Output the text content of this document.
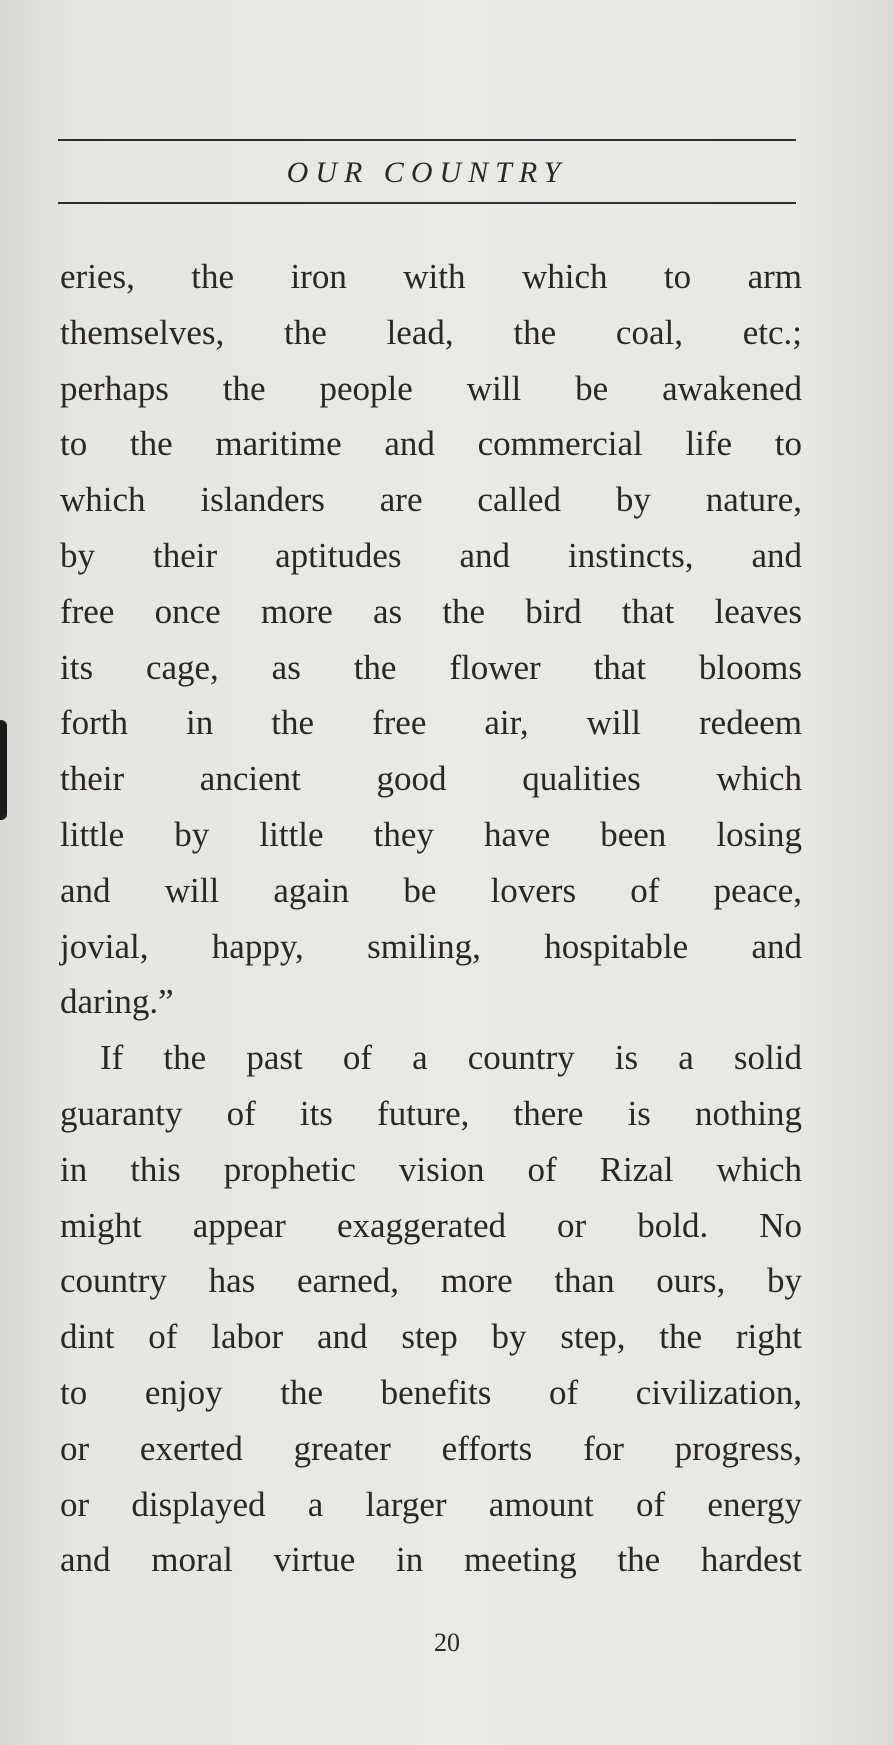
OUR COUNTRY
eries, the iron with which to arm
themselves, the lead, the coal, etc.;
perhaps the people will be awakened
to the maritime and commercial life to
which islanders are called by nature,
by their aptitudes and instincts, and
free once more as the bird that leaves
its cage, as the flower that blooms
forth in the free air, will redeem
their ancient good qualities which
little by little they have been losing
and will again be lovers of peace,
jovial, happy, smiling, hospitable and
daring.”
If the past of a country is a solid
guaranty of its future, there is nothing
in this prophetic vision of Rizal which
might appear exaggerated or bold. No
country has earned, more than ours, by
dint of labor and step by step, the right
to enjoy the benefits of civilization,
or exerted greater efforts for progress,
or displayed a larger amount of energy
and moral virtue in meeting the hardest
20
